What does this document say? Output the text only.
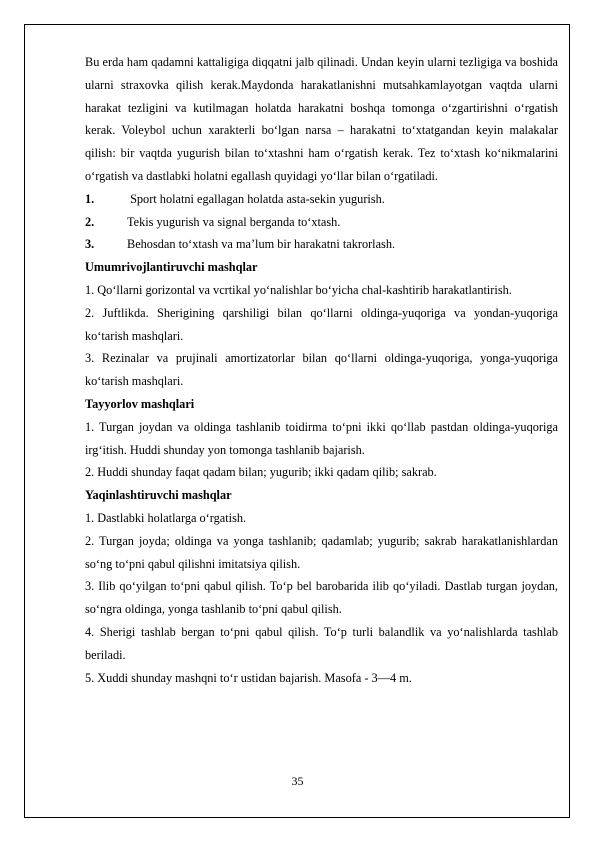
Bu erda ham qadamni kattaligiga diqqatni jalb qilinadi. Undan keyin ularni tezligiga va boshida ularni straxovka qilish kerak.Maydonda harakatlanishni mutsahkamlayotgan vaqtda ularni harakat tezligini va kutilmagan holatda harakatni boshqa tomonga o‘zgartirishni o‘rgatish kerak. Voleybol uchun xarakterli bo‘lgan narsa – harakatni to‘xtatgandan keyin malakalar qilish: bir vaqtda yugurish bilan to‘xtashni ham o‘rgatish kerak. Tez to‘xtash ko‘nikmalarini o‘rgatish va dastlabki holatni egallash quyidagi yo‘llar bilan o‘rgatiladi.

1.	Sport holatni egallagan holatda asta-sekin yugurish.
2.	Tekis yugurish va signal berganda to‘xtash.
3.	Behosdan to‘xtash va ma’lum bir harakatni takrorlash.

Umumrivojlantiruvchi mashqlar

1. Qo‘llarni gorizontal va vcrtikal yo‘nalishlar bo‘yicha chal-kashtirib harakatlantirish.

2. Juftlikda. Sherigining qarshiligi bilan qo‘llarni oldinga-yuqoriga va yondan-yuqoriga ko‘tarish mashqlari.

3. Rezinalar va prujinali amortizatorlar bilan qo‘llarni oldinga-yuqoriga, yonga-yuqoriga ko‘tarish mashqlari.

Tayyorlov mashqlari

1. Turgan joydan va oldinga tashlanib toidirma to‘pni ikki qo‘llab pastdan oldinga-yuqoriga irg‘itish. Huddi shunday yon tomonga tashlanib bajarish.

2. Huddi shunday faqat qadam bilan; yugurib; ikki qadam qilib; sakrab.

Yaqinlashtiruvchi mashqlar

1. Dastlabki holatlarga o‘rgatish.

2. Turgan joyda; oldinga va yonga tashlanib; qadamlab; yugurib; sakrab harakatlanishlardan so‘ng to‘pni qabul qilishni imitatsiya qilish.

3. Ilib qo‘yilgan to‘pni qabul qilish. To‘p bel barobarida ilib qo‘yiladi. Dastlab turgan joydan, so‘ngra oldinga, yonga tashlanib to‘pni qabul qilish.

4. Sherigi tashlab bergan to‘pni qabul qilish. To‘p turli balandlik va yo‘nalishlarda tashlab beriladi.

5. Xuddi shunday mashqni to‘r ustidan bajarish. Masofa - 3—4 m.

35
